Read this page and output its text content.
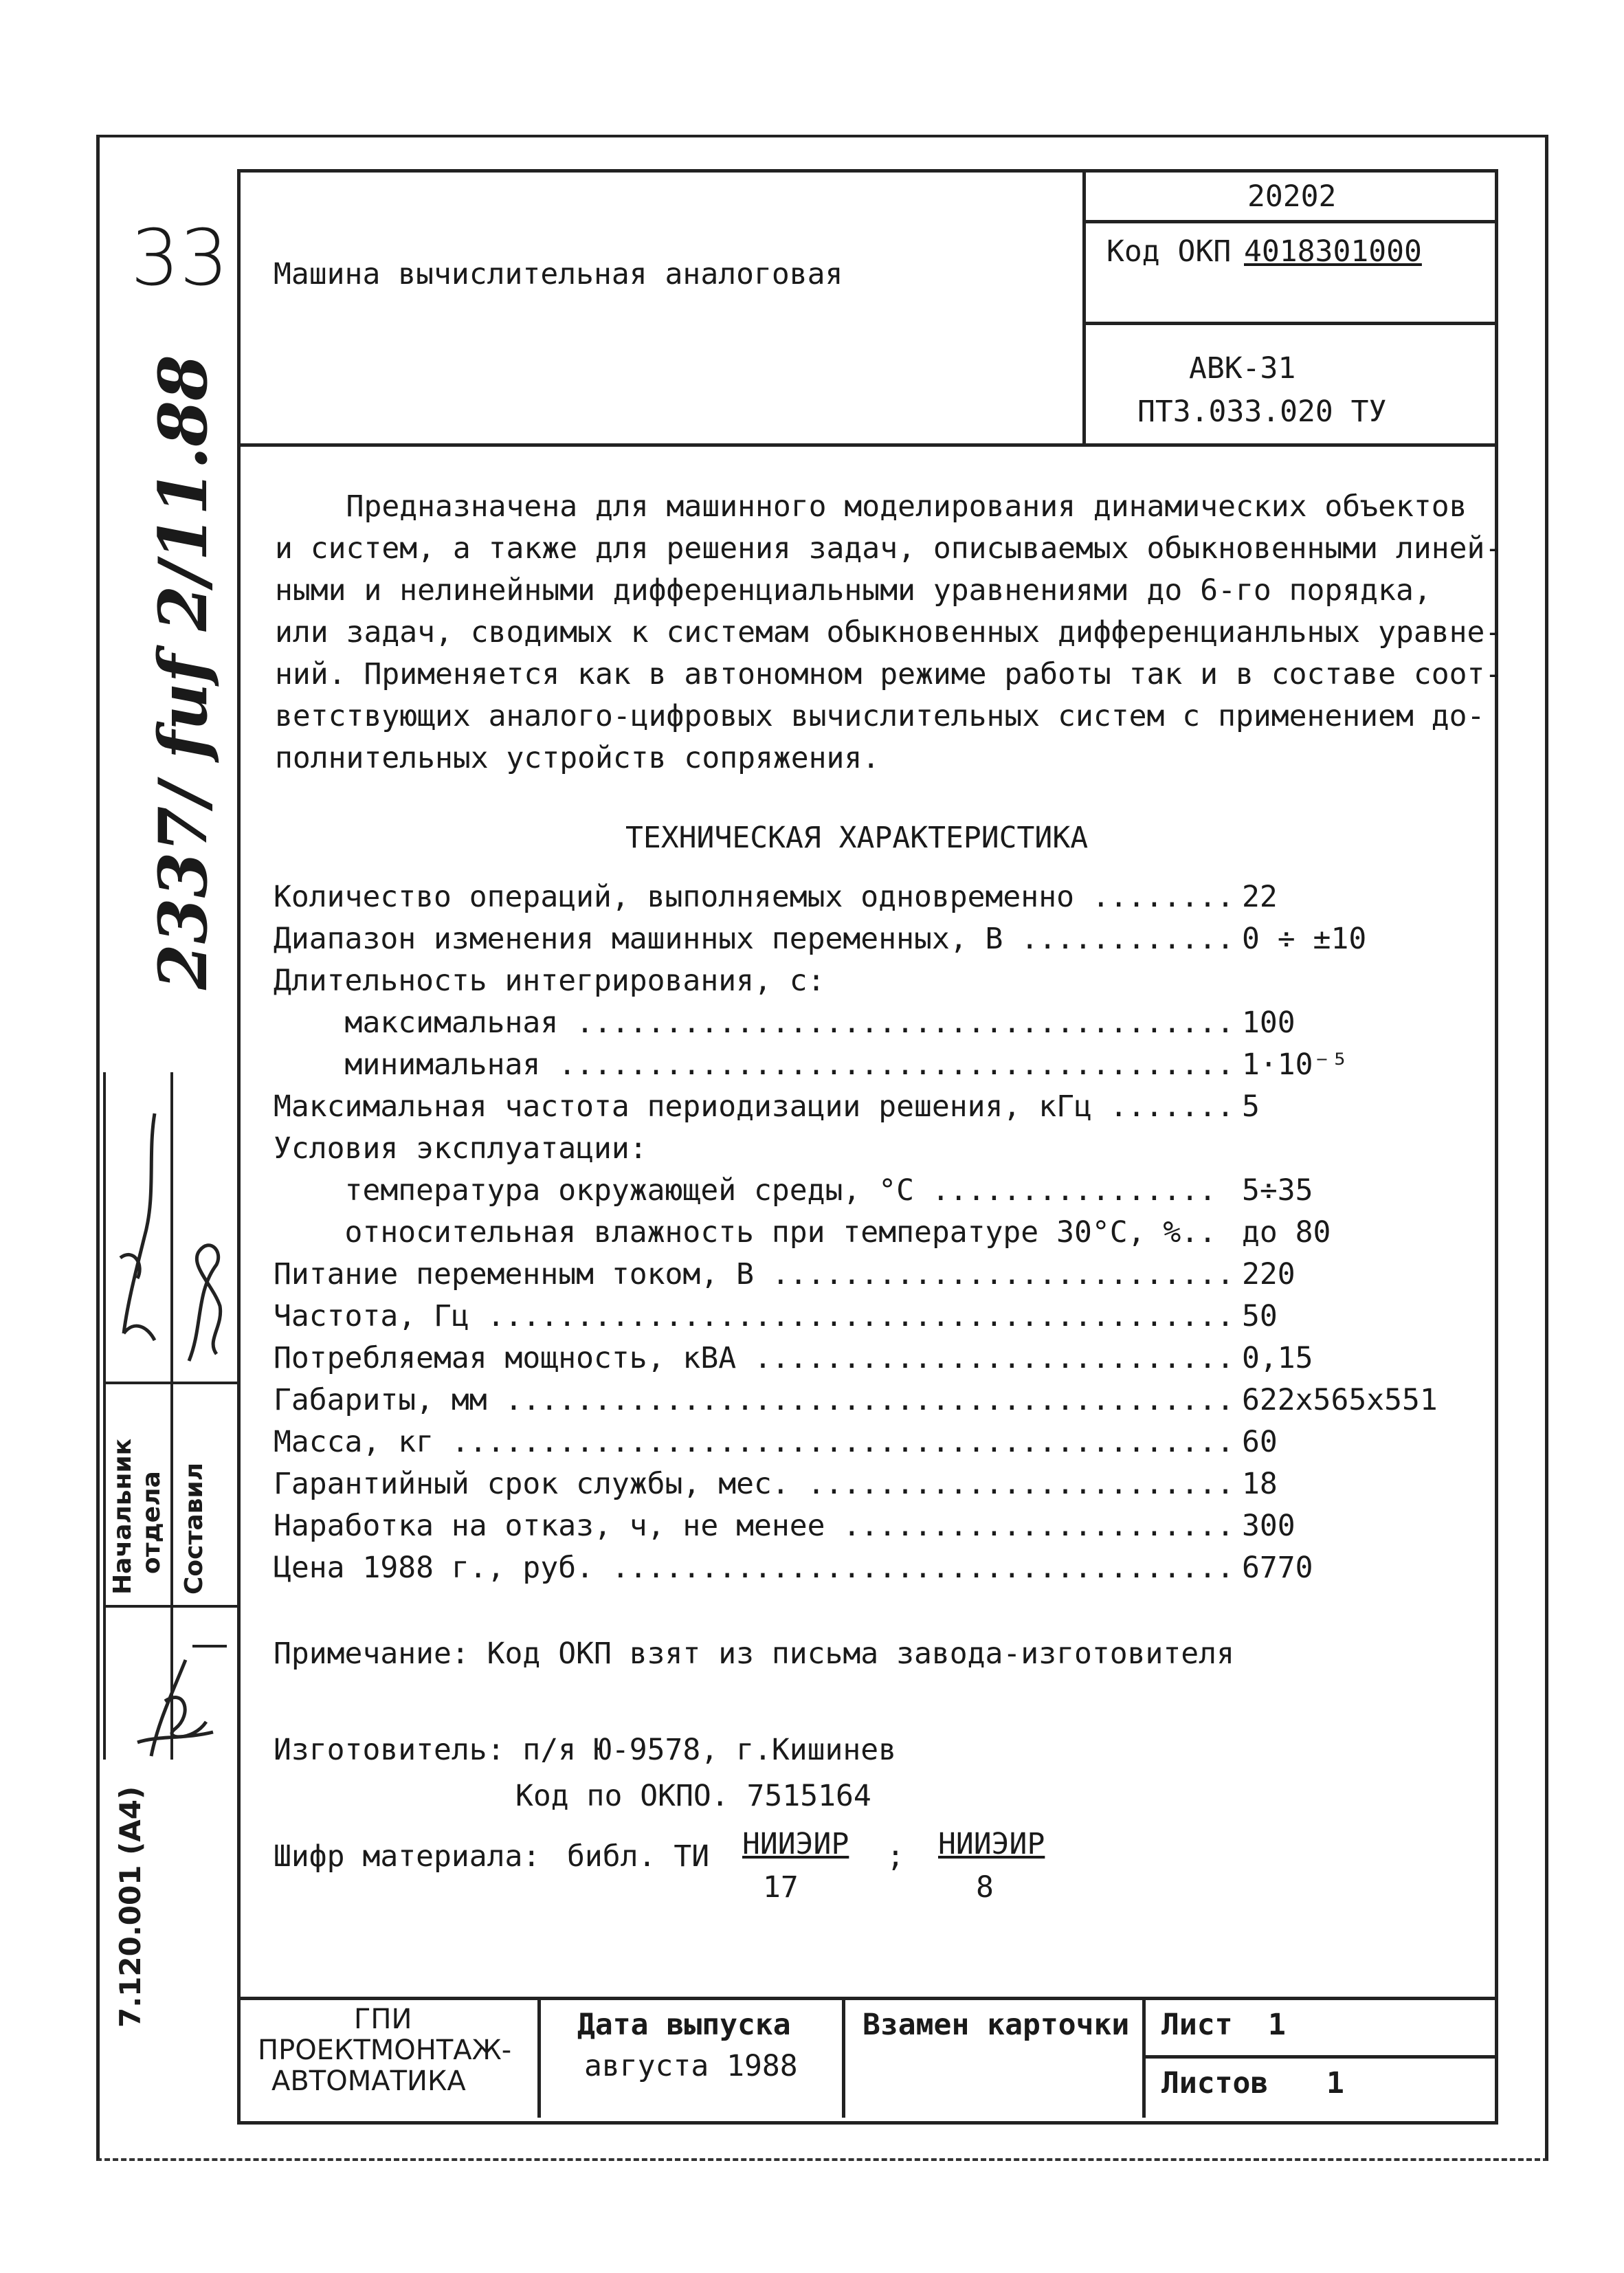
33
2337/ fuf 2/11.88
Начальник отдела Составил
7.120.001 (А4)
Машина вычислительная аналоговая
20202
Код ОКП 4018301000
АВК-31
ПТ3.033.020 ТУ
Предназначена для машинного моделирования динамических объектов
и систем, а также для решения задач, описываемых обыкновенными линей-
ными и нелинейными дифференциальными уравнениями до 6-го порядка,
или задач, сводимых к системам обыкновенных дифференцианльных уравне-
ний. Применяется как в автономном режиме работы так и в составе соот-
ветствующих аналого-цифровых вычислительных систем с применением до-
полнительных устройств сопряжения.
ТЕХНИЧЕСКАЯ ХАРАКТЕРИСТИКА
Количество операций, выполняемых одновременно ........ 22
Диапазон изменения машинных переменных, В ............ 0 ÷ ±10
Длительность интегрирования, с:
максимальная ..................................... 100
минимальная ...................................... 1·10⁻⁵
Максимальная частота периодизации решения, кГц ....... 5
Условия эксплуатации:
температура окружающей среды, °С ................ 5÷35
относительная влажность при температуре 30°С, %.. до 80
Питание переменным током, В .......................... 220
Частота, Гц .......................................... 50
Потребляемая мощность, кВА ........................... 0,15
Габариты, мм ......................................... 622х565х551
Масса, кг ............................................ 60
Гарантийный срок службы, мес. ........................ 18
Наработка на отказ, ч, не менее ...................... 300
Цена 1988 г., руб. ................................... 6770
Примечание: Код ОКП взят из письма завода-изготовителя
Изготовитель: п/я Ю-9578, г.Кишинев
Код по ОКПО. 7515164
Шифр материала: библ. ТИ НИИЭИР
17
; НИИЭИР
8
ГПИ
ПРОЕКТМОНТАЖ-
АВТОМАТИКА
Дата выпуска
августа 1988
Взамен карточки Лист 1
Листов 1
